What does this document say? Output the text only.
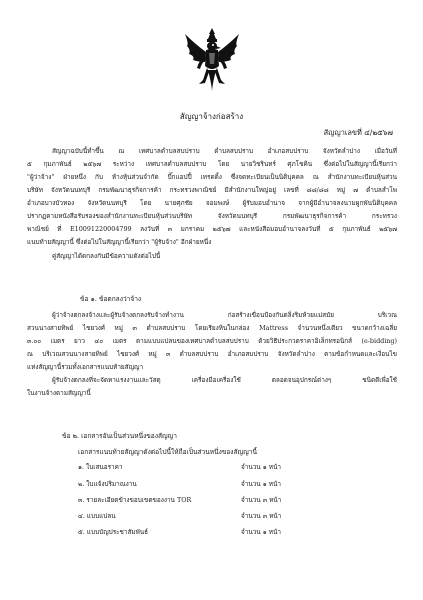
สัญญาจ้างก่อสร้าง
สัญญาเลขที่ ๔/๒๕๖๗
สัญญาฉบับนี้ทำขึ้น ณ เทศบาลตำบลสบปราบ ตำบลสบปราบ อำเภอสบปราบ จังหวัดลำปาง เมื่อวันที่
๕ กุมภาพันธ์ ๒๕๖๗ ระหว่าง เทศบาลตำบลสบปราบ โดย นายวิชรินทร์ ศุภโชคิน ซึ่งต่อไปในสัญญานี้เรียกว่า
"ผู้ว่าจ้าง" ฝ่ายหนึ่ง กับ ห้างหุ้นส่วนจำกัด บี๊กแอปปี้ เทรดดิ้ง ซึ่งจดทะเบียนเป็นนิติบุคคล ณ สำนักงานทะเบียนหุ้นส่วน
บริษัท จังหวัดนนทบุรี กรมพัฒนาธุรกิจการค้า กระทรวงพาณิชย์ มีสำนักงานใหญ่อยู่ เลขที่ ๘๘/๘๘ หมู่ ๗ ตำบลสำโพ
อำเภอบางบัวทอง จังหวัดนนทบุรี โดย นายศุภชัย จอมพงษ์ ผู้รับมอบอำนาจ จากผู้มีอำนาจลงนามผูกพันนิติบุคคล
ปรากฏตามหนังสือรับรองของสำนักงานทะเบียนหุ้นส่วนบริษัท จังหวัดนนทบุรี กรมพัฒนาธุรกิจการค้า กระทรวง
พาณิชย์ ที่ E10091220004799 ลงวันที่ ๓ มกราคม ๒๕๖๗ และหนังสือมอบอำนาจลงวันที่ ๕ กุมภาพันธ์ ๒๕๖๗
แนบท้ายสัญญานี้ ซึ่งต่อไปในสัญญานี้เรียกว่า "ผู้รับจ้าง" อีกฝ่ายหนึ่ง
คู่สัญญาได้ตกลงกันมีข้อความดังต่อไปนี้
ข้อ ๑. ข้อตกลงว่าจ้าง
ผู้ว่าจ้างตกลงจ้างและผู้รับจ้างตกลงรับจ้างทำงาน ก่อสร้างเขื่อนป้องกันตลิ่งริมห้วยแม่สมัย บริเวณ
สวนนางสายทิพย์ ไชยวงศ์ หมู่ ๓ ตำบลสบปราบ โดยเรียงหินในกล่อง Mattress จำนวนหนึ่งเดียว ขนาดกว้างเฉลี่ย
๓.๐๐ เมตร ยาว ๔๐ เมตร ตามแบบแปลนของเทศบาลตำบลสบปราบ ด้วยวิธีประกวดราคาอิเล็กทรอนิกส์ (e-bidding)
ณ บริเวณสวนนางสายทิพย์ ไชยวงศ์ หมู่ ๓ ตำบลสบปราบ อำเภอสบปราบ จังหวัดลำปาง ตามข้อกำหนดและเงื่อนไข
แห่งสัญญานี้รวมทั้งเอกสารแนบท้ายสัญญา
ผู้รับจ้างตกลงที่จะจัดหาแรงงานและวัสดุ เครื่องมือเครื่องใช้ ตลอดจนอุปกรณ์ต่างๆ ชนิดดีเพื่อใช้
ในงานจ้างตามสัญญานี้
ข้อ ๒. เอกสารอันเป็นส่วนหนึ่งของสัญญา
เอกสารแนบท้ายสัญญาดังต่อไปนี้ให้ถือเป็นส่วนหนึ่งของสัญญานี้
๑. ใบเสนอราคา	จำนวน ๑ หน้า
๒. ใบแจ้งปริมาณงาน	จำนวน ๑ หน้า
๓. รายละเอียดข้างขอบเขตของงาน TOR	จำนวน ๓ หน้า
๔. แบบแปลน	จำนวน ๓ หน้า
๕. แบบบัญประชาสัมพันธ์	จำนวน ๑ หน้า
